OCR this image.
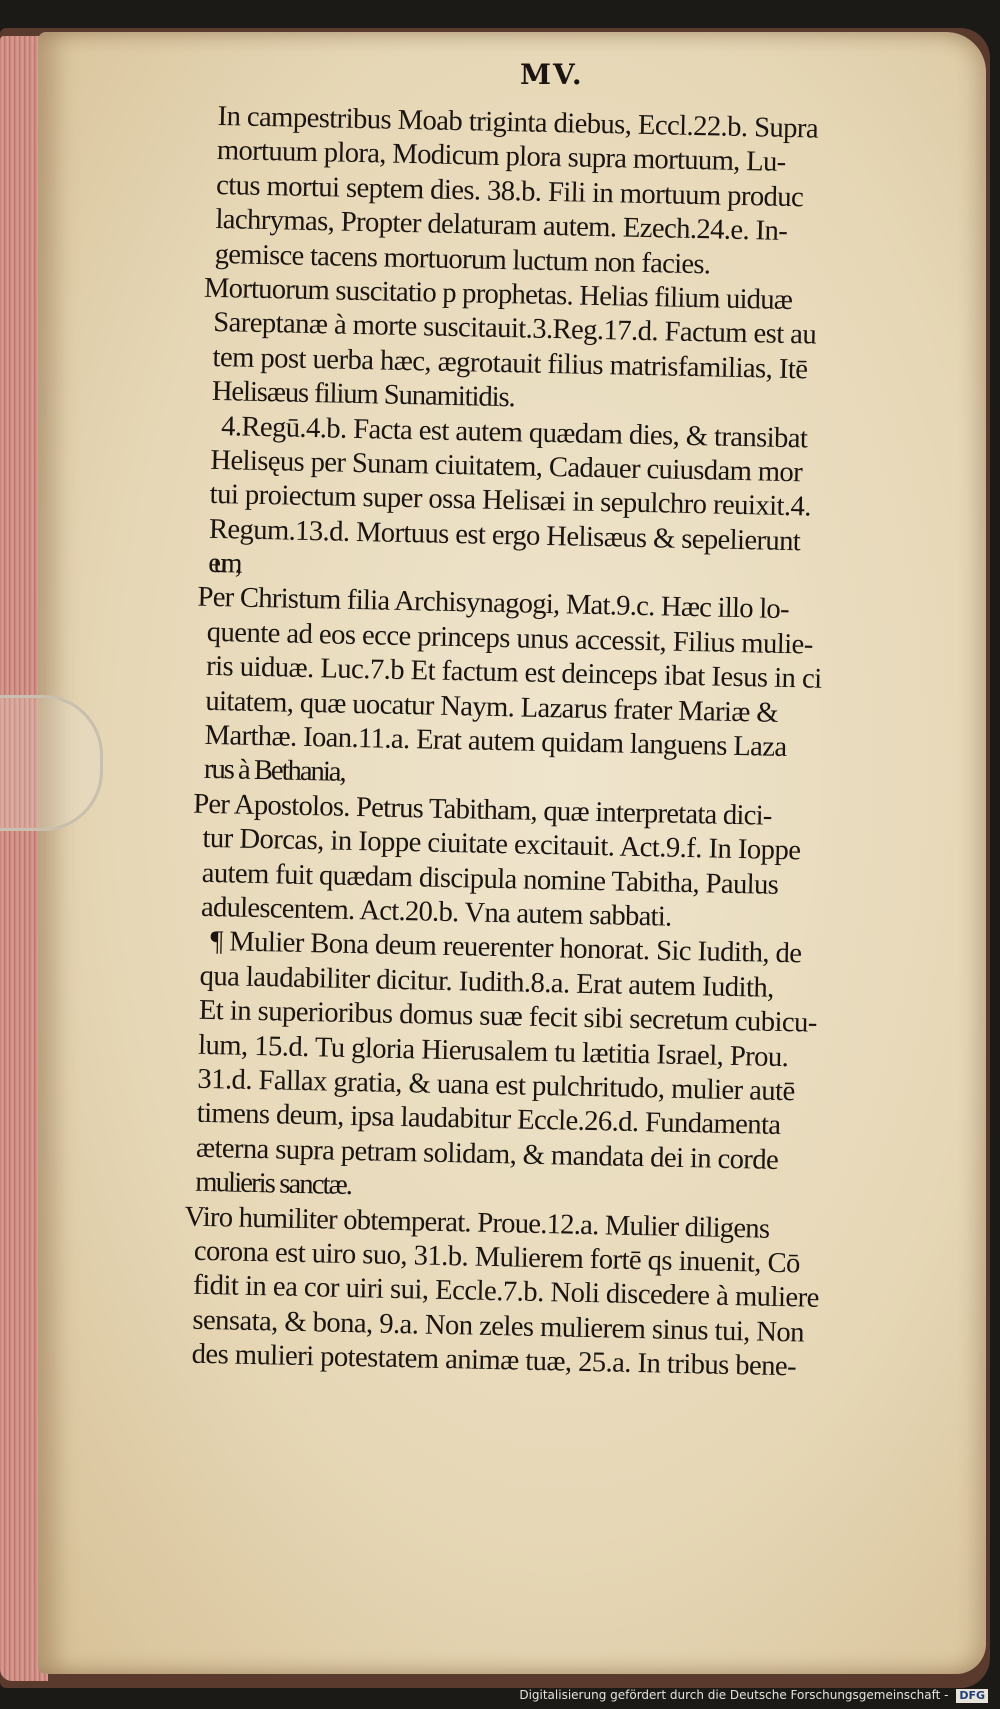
MV.
In campestribus Moab triginta diebus, Eccl.22.b. Supra
mortuum plora, Modicum plora supra mortuum, Lu-
ctus mortui septem dies. 38.b. Fili in mortuum produc
lachrymas, Propter delaturam autem. Ezech.24.e. In-
gemisce tacens mortuorum luctum non facies.
Mortuorum suscitatio p prophetas. Helias filium uiduæ
Sareptanæ à morte suscitauit.3.Reg.17.d. Factum est au
tem post uerba hæc, ægrotauit filius matrisfamilias, Itē
Helisæus filium Sunamitidis.
4.Regū.4.b. Facta est autem quædam dies, & transibat
Helisęus per Sunam ciuitatem, Cadauer cuiusdam mor
tui proiectum super ossa Helisæi in sepulchro reuixit.4.
Regum.13.d. Mortuus est ergo Helisæus & sepelierunt
eum,
Per Christum filia Archisynagogi, Mat.9.c. Hæc illo lo-
quente ad eos ecce princeps unus accessit, Filius mulie-
ris uiduæ. Luc.7.b Et factum est deinceps ibat Iesus in ci
uitatem, quæ uocatur Naym. Lazarus frater Mariæ &
Marthæ. Ioan.11.a. Erat autem quidam languens Laza
rus à Bethania,
Per Apostolos. Petrus Tabitham, quæ interpretata dici-
tur Dorcas, in Ioppe ciuitate excitauit. Act.9.f. In Ioppe
autem fuit quædam discipula nomine Tabitha, Paulus
adulescentem. Act.20.b. Vna autem sabbati.
¶ Mulier Bona deum reuerenter honorat. Sic Iudith, de
qua laudabiliter dicitur. Iudith.8.a. Erat autem Iudith,
Et in superioribus domus suæ fecit sibi secretum cubicu-
lum, 15.d. Tu gloria Hierusalem tu lætitia Israel, Prou.
31.d. Fallax gratia, & uana est pulchritudo, mulier autē
timens deum, ipsa laudabitur Eccle.26.d. Fundamenta
æterna supra petram solidam, & mandata dei in corde
mulieris sanctæ.
Viro humiliter obtemperat. Proue.12.a. Mulier diligens
corona est uiro suo, 31.b. Mulierem fortē qs inuenit, Cō
fidit in ea cor uiri sui, Eccle.7.b. Noli discedere à muliere
sensata, & bona, 9.a. Non zeles mulierem sinus tui, Non
des mulieri potestatem animæ tuæ, 25.a. In tribus bene-
Digitalisierung gefördert durch die Deutsche Forschungsgemeinschaft - DFG
